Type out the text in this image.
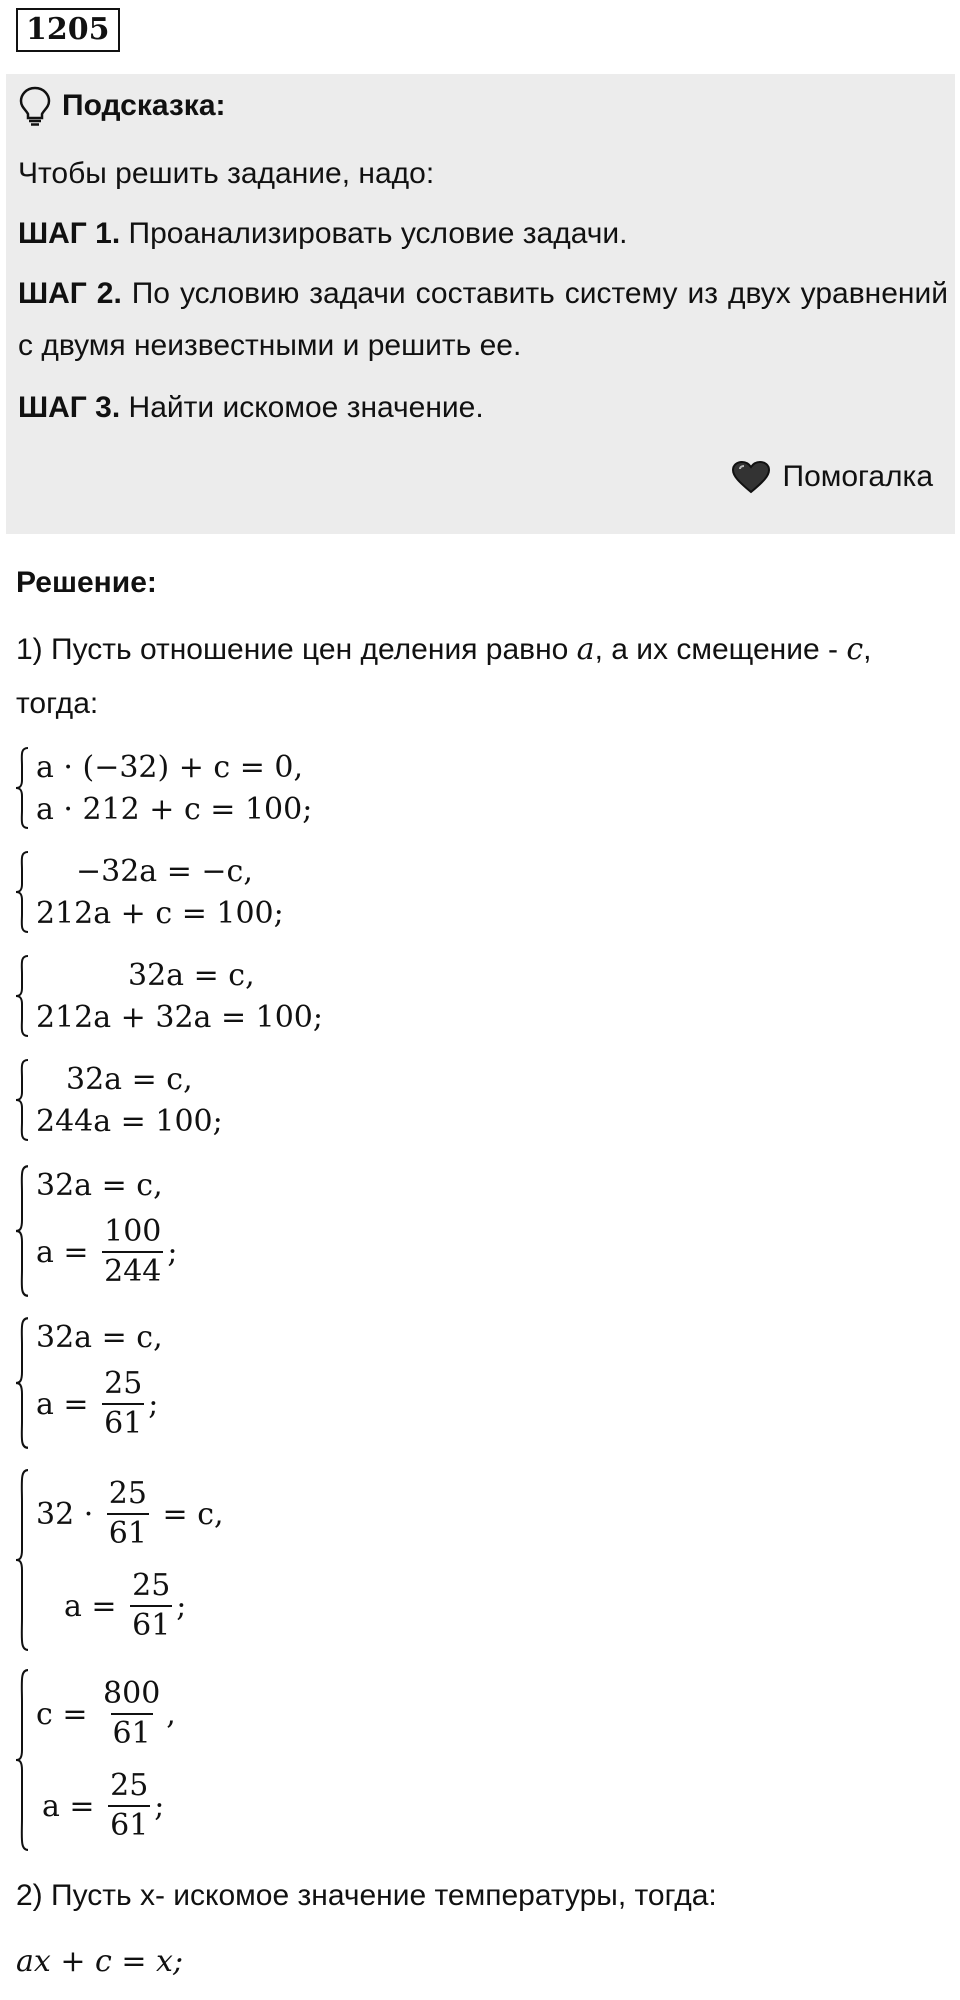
1205
Подсказка:

Чтобы решить задание, надо:

ШАГ 1. Проанализировать условие задачи.

ШАГ 2. По условию задачи составить систему из двух уравнений с двумя неизвестными и решить ее.

ШАГ 3. Найти искомое значение.

Помогалка
Решение:

1) Пусть отношение цен деления равно a, а их смещение - c,

тогда:

a · (−32) + c = 0,
a · 212 + c = 100;
−32a = −c,
212a + c = 100;
32a = c,
212a + 32a = 100;
32a = c,
244a = 100;
32a = c,
$a = \frac{100}{244}$ ;
32a = c,
$a = \frac{25}{61}$ ;
$32 \cdot \frac{25}{61} = c$,
$a = \frac{25}{61}$ ;
$c = \frac{800}{61}$ ,
$a = \frac{25}{61}$ ;

2) Пусть х- искомое значение температуры, тогда:

ax + c = x;
